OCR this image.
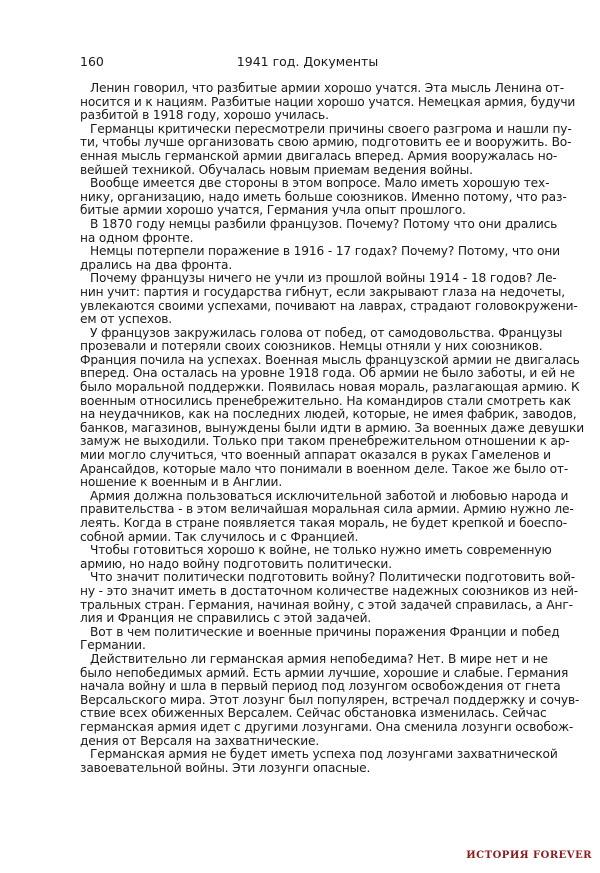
160	1941 год. Документы
Ленин говорил, что разбитые армии хорошо учатся. Эта мысль Ленина от-
носится и к нациям. Разбитые нации хорошо учатся. Немецкая армия, будучи
разбитой в 1918 году, хорошо училась.
Германцы критически пересмотрели причины своего разгрома и нашли пу-
ти, чтобы лучше организовать свою армию, подготовить ее и вооружить. Во-
енная мысль германской армии двигалась вперед. Армия вооружалась но-
вейшей техникой. Обучалась новым приемам ведения войны.
Вообще имеется две стороны в этом вопросе. Мало иметь хорошую тех-
нику, организацию, надо иметь больше союзников. Именно потому, что раз-
битые армии хорошо учатся, Германия учла опыт прошлого.
В 1870 году немцы разбили французов. Почему? Потому что они дрались
на одном фронте.
Немцы потерпели поражение в 1916 - 17 годах? Почему? Потому, что они
дрались на два фронта.
Почему французы ничего не учли из прошлой войны 1914 - 18 годов? Ле-
нин учит: партия и государства гибнут, если закрывают глаза на недочеты,
увлекаются своими успехами, почивают на лаврах, страдают головокружени-
ем от успехов.
У французов закружилась голова от побед, от самодовольства. Французы
прозевали и потеряли своих союзников. Немцы отняли у них союзников.
Франция почила на успехах. Военная мысль французской армии не двигалась
вперед. Она осталась на уровне 1918 года. Об армии не было заботы, и ей не
было моральной поддержки. Появилась новая мораль, разлагающая армию. К
военным относились пренебрежительно. На командиров стали смотреть как
на неудачников, как на последних людей, которые, не имея фабрик, заводов,
банков, магазинов, вынуждены были идти в армию. За военных даже девушки
замуж не выходили. Только при таком пренебрежительном отношении к ар-
мии могло случиться, что военный аппарат оказался в руках Гамеленов и
Арансайдов, которые мало что понимали в военном деле. Такое же было от-
ношение к военным и в Англии.
Армия должна пользоваться исключительной заботой и любовью народа и
правительства - в этом величайшая моральная сила армии. Армию нужно ле-
леять. Когда в стране появляется такая мораль, не будет крепкой и боеспо-
собной армии. Так случилось и с Францией.
Чтобы готовиться хорошо к войне, не только нужно иметь современную
армию, но надо войну подготовить политически.
Что значит политически подготовить войну? Политически подготовить вой-
ну - это значит иметь в достаточном количестве надежных союзников из ней-
тральных стран. Германия, начиная войну, с этой задачей справилась, а Анг-
лия и Франция не справились с этой задачей.
Вот в чем политические и военные причины поражения Франции и побед
Германии.
Действительно ли германская армия непобедима? Нет. В мире нет и не
было непобедимых армий. Есть армии лучшие, хорошие и слабые. Германия
начала войну и шла в первый период под лозунгом освобождения от гнета
Версальского мира. Этот лозунг был популярен, встречал поддержку и сочув-
ствие всех обиженных Версалем. Сейчас обстановка изменилась. Сейчас
германская армия идет с другими лозунгами. Она сменила лозунги освобож-
дения от Версаля на захватнические.
Германская армия не будет иметь успеха под лозунгами захватнической
завоевательной войны. Эти лозунги опасные.
ИСТОРИЯ FOREVER
